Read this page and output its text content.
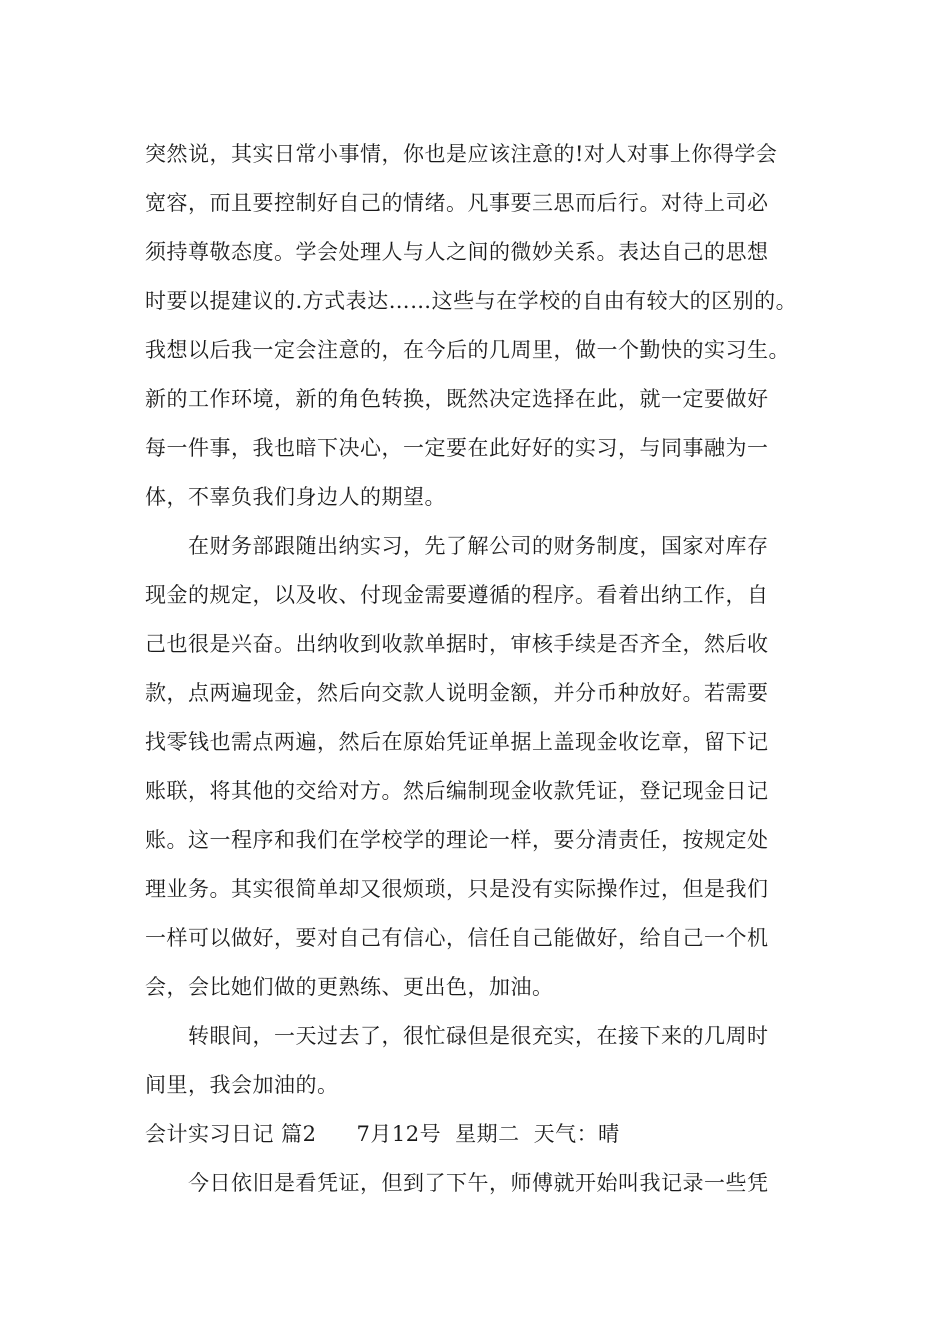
突然说，其实日常小事情，你也是应该注意的!对人对事上你得学会
宽容，而且要控制好自己的情绪。凡事要三思而后行。对待上司必
须持尊敬态度。学会处理人与人之间的微妙关系。表达自己的思想
时要以提建议的.方式表达……这些与在学校的自由有较大的区别的。
我想以后我一定会注意的，在今后的几周里，做一个勤快的实习生。
新的工作环境，新的角色转换，既然决定选择在此，就一定要做好
每一件事，我也暗下决心，一定要在此好好的实习，与同事融为一
体，不辜负我们身边人的期望。
　　在财务部跟随出纳实习，先了解公司的财务制度，国家对库存
现金的规定，以及收、付现金需要遵循的程序。看着出纳工作，自
己也很是兴奋。出纳收到收款单据时，审核手续是否齐全，然后收
款，点两遍现金，然后向交款人说明金额，并分币种放好。若需要
找零钱也需点两遍，然后在原始凭证单据上盖现金收讫章，留下记
账联，将其他的交给对方。然后编制现金收款凭证，登记现金日记
账。这一程序和我们在学校学的理论一样，要分清责任，按规定处
理业务。其实很简单却又很烦琐，只是没有实际操作过，但是我们
一样可以做好，要对自己有信心，信任自己能做好，给自己一个机
会，会比她们做的更熟练、更出色，加油。
　　转眼间，一天过去了，很忙碌但是很充实，在接下来的几周时
间里，我会加油的。
会计实习日记 篇2 7月12号 星期二 天气：晴
　　今日依旧是看凭证，但到了下午，师傅就开始叫我记录一些凭
